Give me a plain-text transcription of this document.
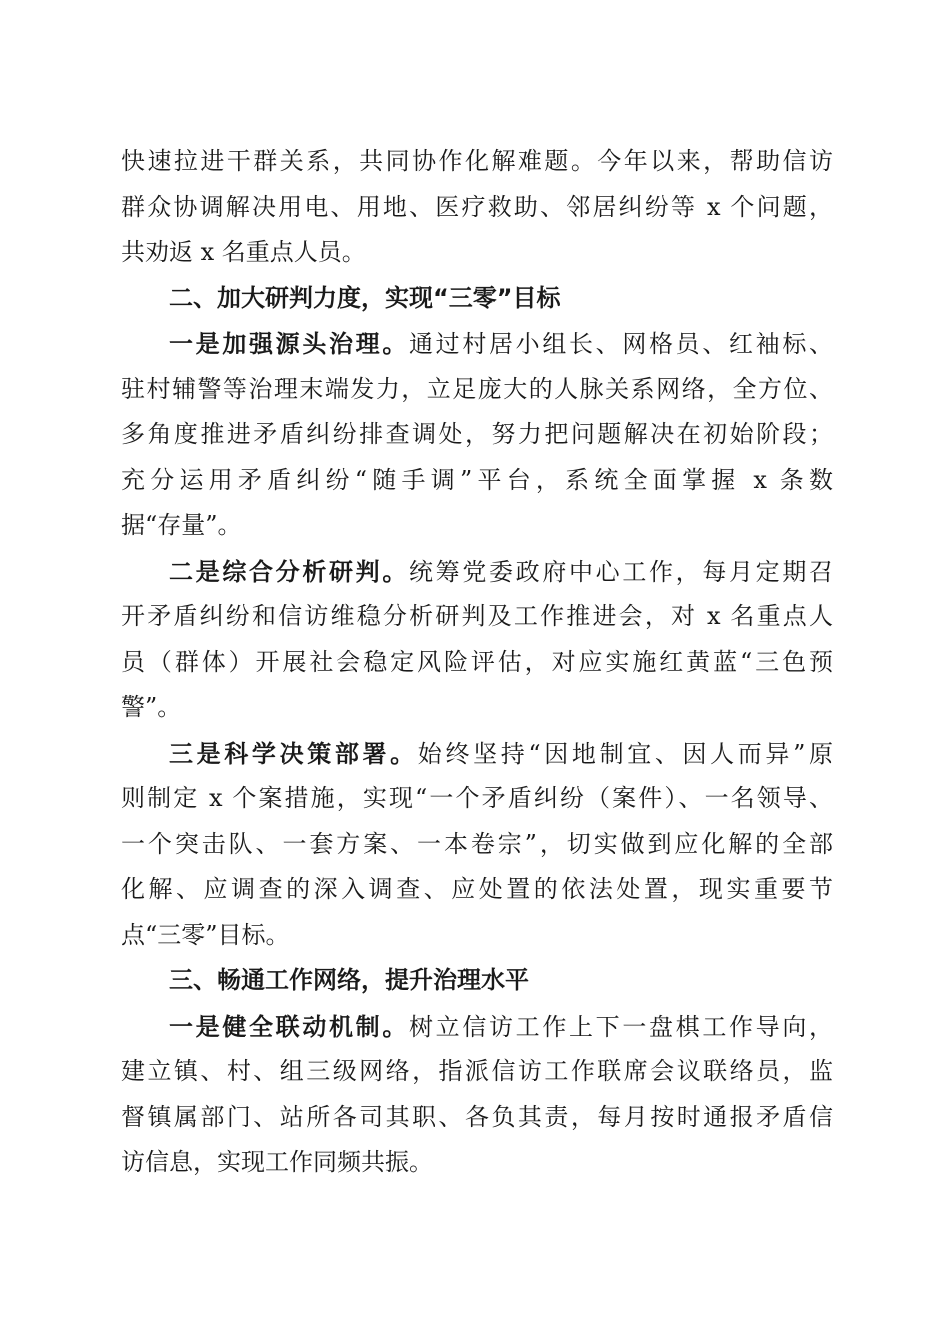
快速拉进干群关系，共同协作化解难题。今年以来，帮助信访
群众协调解决用电、用地、医疗救助、邻居纠纷等 x 个问题，
共劝返 x 名重点人员。
二、加大研判力度，实现“三零”目标
一是加强源头治理。通过村居小组长、网格员、红袖标、
驻村辅警等治理末端发力，立足庞大的人脉关系网络，全方位、
多角度推进矛盾纠纷排查调处，努力把问题解决在初始阶段；
充分运用矛盾纠纷“随手调”平台，系统全面掌握 x 条数
据“存量”。
二是综合分析研判。统筹党委政府中心工作，每月定期召
开矛盾纠纷和信访维稳分析研判及工作推进会，对 x 名重点人
员（群体）开展社会稳定风险评估，对应实施红黄蓝“三色预
警”。
三是科学决策部署。始终坚持“因地制宜、因人而异”原
则制定 x 个案措施，实现“一个矛盾纠纷（案件）、一名领导、
一个突击队、一套方案、一本卷宗”，切实做到应化解的全部
化解、应调查的深入调查、应处置的依法处置，现实重要节
点“三零”目标。
三、畅通工作网络，提升治理水平
一是健全联动机制。树立信访工作上下一盘棋工作导向，
建立镇、村、组三级网络，指派信访工作联席会议联络员，监
督镇属部门、站所各司其职、各负其责，每月按时通报矛盾信
访信息，实现工作同频共振。
